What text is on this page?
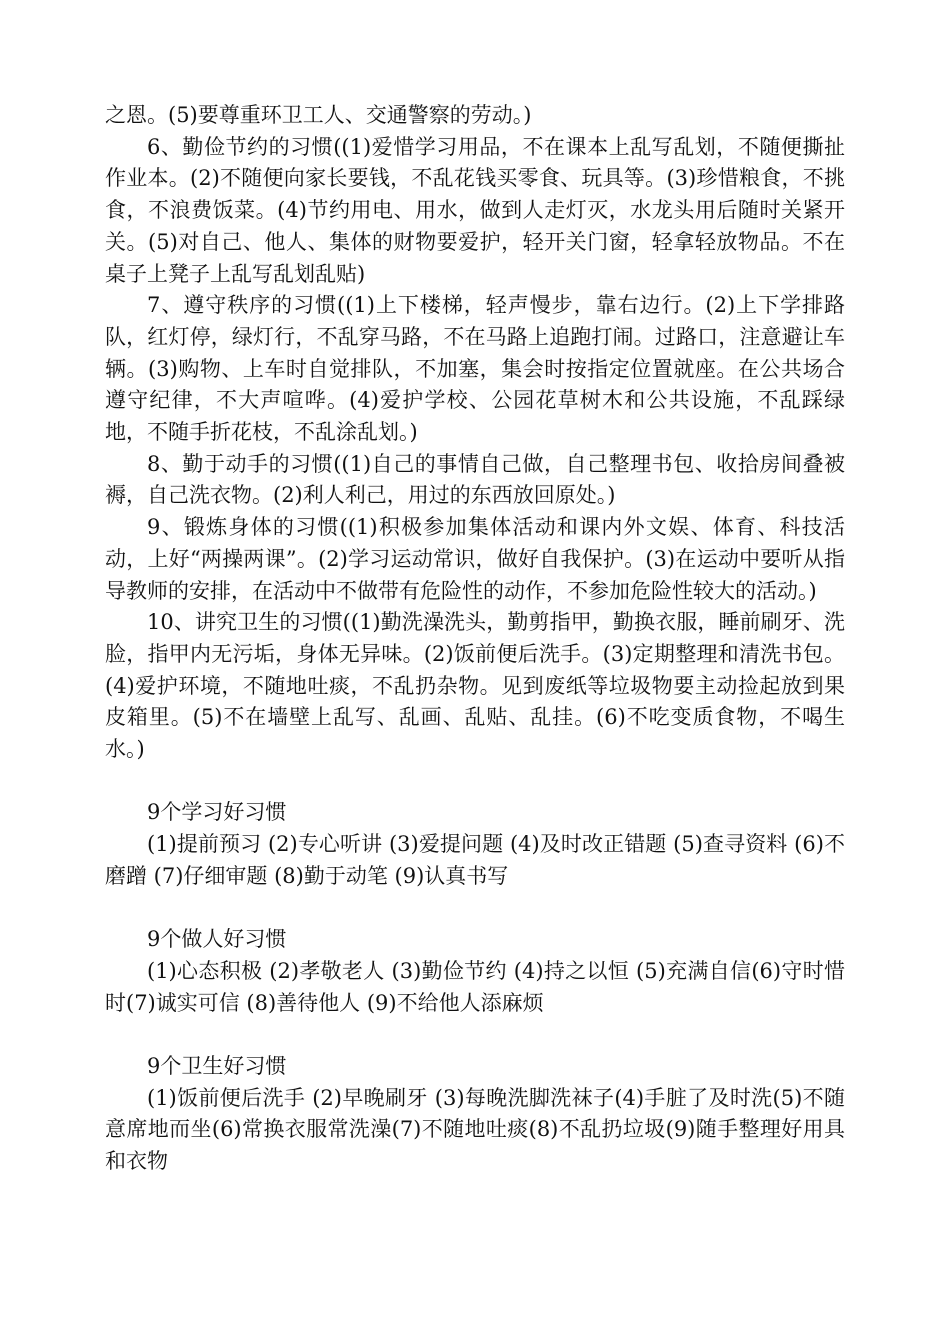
之恩。(5)要尊重环卫工人、交通警察的劳动。)

6、勤俭节约的习惯((1)爱惜学习用品，不在课本上乱写乱划，不随便撕扯作业本。(2)不随便向家长要钱，不乱花钱买零食、玩具等。(3)珍惜粮食，不挑食，不浪费饭菜。(4)节约用电、用水，做到人走灯灭，水龙头用后随时关紧开关。(5)对自己、他人、集体的财物要爱护，轻开关门窗，轻拿轻放物品。不在桌子上凳子上乱写乱划乱贴)

7、遵守秩序的习惯((1)上下楼梯，轻声慢步，靠右边行。(2)上下学排路队，红灯停，绿灯行，不乱穿马路，不在马路上追跑打闹。过路口，注意避让车辆。(3)购物、上车时自觉排队，不加塞，集会时按指定位置就座。在公共场合遵守纪律，不大声喧哗。(4)爱护学校、公园花草树木和公共设施，不乱踩绿地，不随手折花枝，不乱涂乱划。)

8、勤于动手的习惯((1)自己的事情自己做，自己整理书包、收拾房间叠被褥，自己洗衣物。(2)利人利己，用过的东西放回原处。)

9、锻炼身体的习惯((1)积极参加集体活动和课内外文娱、体育、科技活动，上好“两操两课”。(2)学习运动常识，做好自我保护。(3)在运动中要听从指导教师的安排，在活动中不做带有危险性的动作，不参加危险性较大的活动。)

10、讲究卫生的习惯((1)勤洗澡洗头，勤剪指甲，勤换衣服，睡前刷牙、洗脸，指甲内无污垢，身体无异味。(2)饭前便后洗手。(3)定期整理和清洗书包。(4)爱护环境，不随地吐痰，不乱扔杂物。见到废纸等垃圾物要主动捡起放到果皮箱里。(5)不在墙壁上乱写、乱画、乱贴、乱挂。(6)不吃变质食物，不喝生水。)

9个学习好习惯

(1)提前预习 (2)专心听讲 (3)爱提问题 (4)及时改正错题 (5)查寻资料 (6)不磨蹭 (7)仔细审题 (8)勤于动笔 (9)认真书写

9个做人好习惯

(1)心态积极 (2)孝敬老人 (3)勤俭节约 (4)持之以恒 (5)充满自信(6)守时惜时(7)诚实可信 (8)善待他人 (9)不给他人添麻烦

9个卫生好习惯

(1)饭前便后洗手 (2)早晚刷牙 (3)每晚洗脚洗袜子(4)手脏了及时洗(5)不随意席地而坐(6)常换衣服常洗澡(7)不随地吐痰(8)不乱扔垃圾(9)随手整理好用具和衣物
